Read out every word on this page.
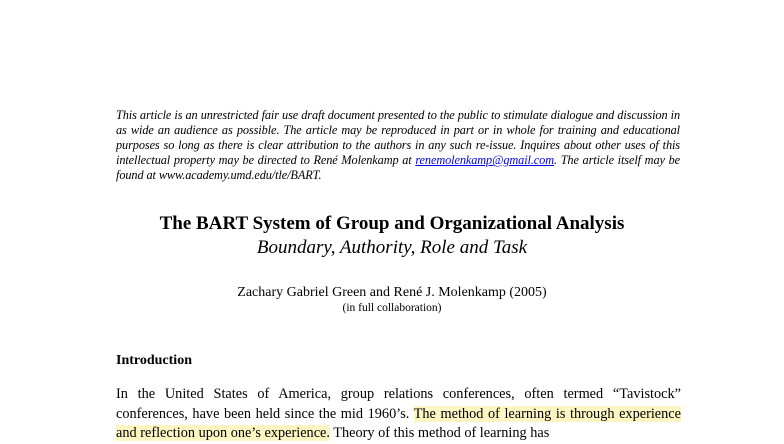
This article is an unrestricted fair use draft document presented to the public to stimulate dialogue and discussion in as wide an audience as possible. The article may be reproduced in part or in whole for training and educational purposes so long as there is clear attribution to the authors in any such re-issue. Inquires about other uses of this intellectual property may be directed to René Molenkamp at renemolenkamp@gmail.com. The article itself may be found at www.academy.umd.edu/tle/BART.
The BART System of Group and Organizational Analysis
Boundary, Authority, Role and Task
Zachary Gabriel Green and René J. Molenkamp (2005)
(in full collaboration)
Introduction
In the United States of America, group relations conferences, often termed “Tavistock” conferences, have been held since the mid 1960’s. The method of learning is through experience and reflection upon one’s experience. Theory of this method of learning has
